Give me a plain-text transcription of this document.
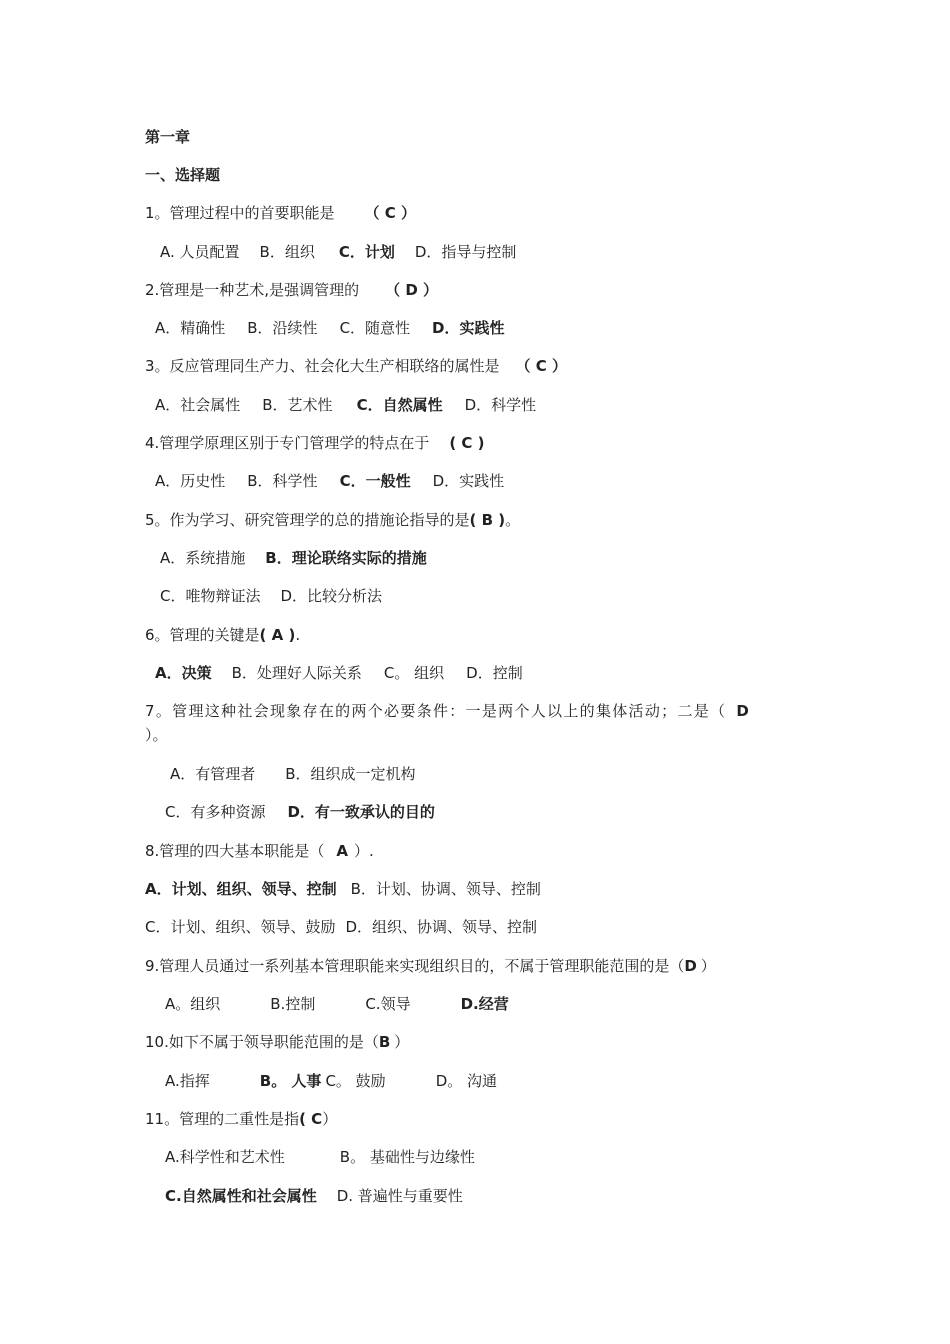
第一章
一、选择题
1。管理过程中的首要职能是 （ C ）
A. 人员配置 B．组织 C．计划 D．指导与控制
2.管理是一种艺术,是强调管理的 （ D ）
A．精确性 B．沿续性 C．随意性 D．实践性
3。反应管理同生产力、社会化大生产相联络的属性是 （ C ）
A．社会属性 B．艺术性 C．自然属性 D．科学性
4.管理学原理区别于专门管理学的特点在于 ( C )
A．历史性 B．科学性 C．一般性 D．实践性
5。作为学习、研究管理学的总的措施论指导的是( B )。
A．系统措施 B．理论联络实际的措施
C．唯物辩证法 D．比较分析法
6。管理的关键是( A ).
A．决策 B．处理好人际关系 C。 组织 D．控制
7。管理这种社会现象存在的两个必要条件：一是两个人以上的集体活动；二是（ D
）。
A．有管理者 B．组织成一定机构
C．有多种资源 D．有一致承认的目的
8.管理的四大基本职能是（ A ）.
A．计划、组织、领导、控制 B．计划、协调、领导、控制
C．计划、组织、领导、鼓励 D．组织、协调、领导、控制
9.管理人员通过一系列基本管理职能来实现组织目的，不属于管理职能范围的是（D ）
A。组织	B.控制	C.领导	D.经营
10.如下不属于领导职能范围的是（B ）
A.指挥	B。 人事 C。 鼓励	D。 沟通
11。管理的二重性是指( C）
A.科学性和艺术性	B。 基础性与边缘性
C.自然属性和社会属性 D. 普遍性与重要性
